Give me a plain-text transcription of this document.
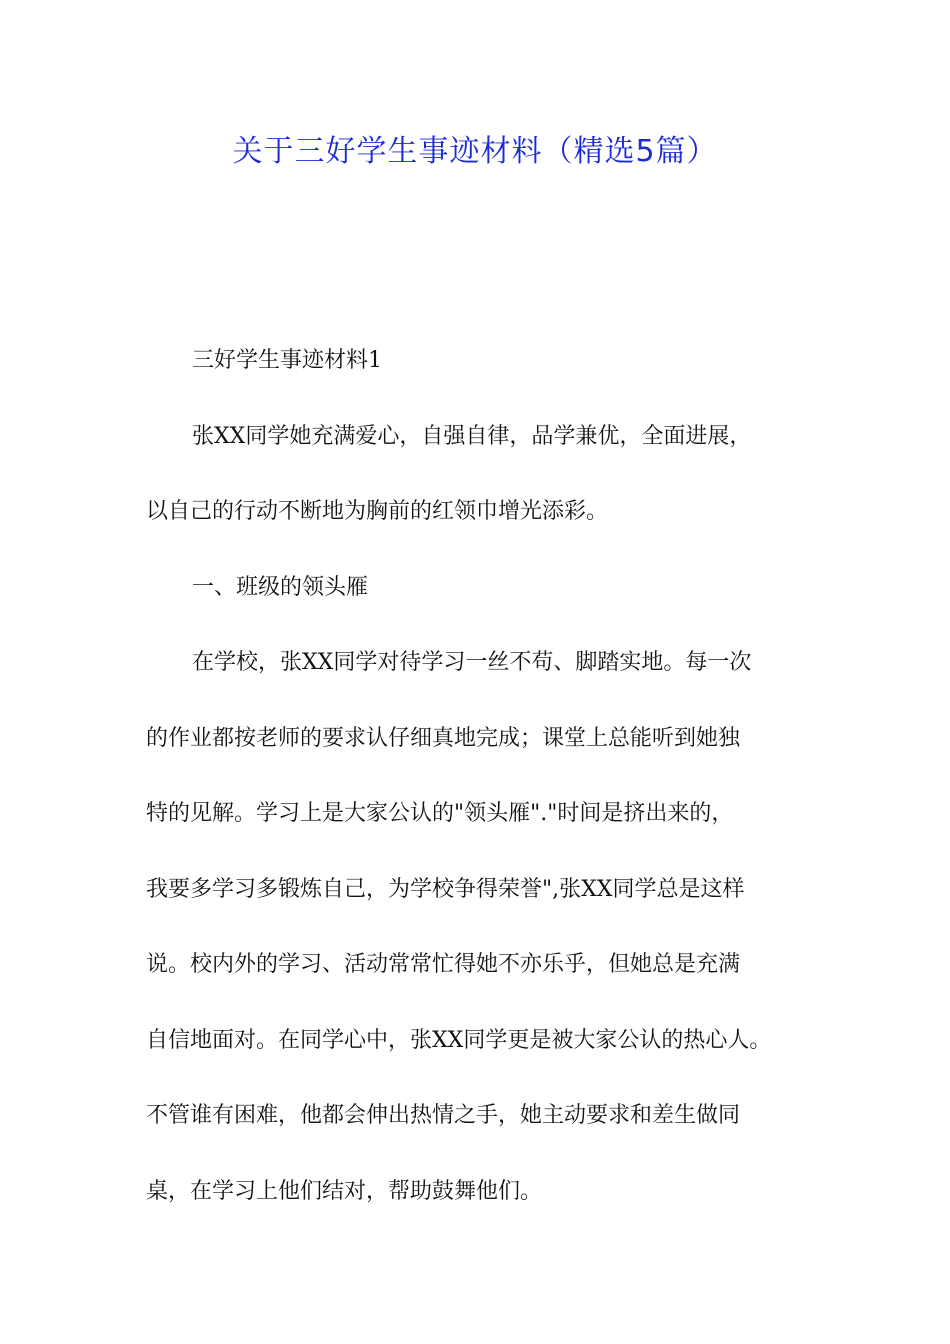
关于三好学生事迹材料（精选5篇）
三好学生事迹材料1
张XX同学她充满爱心，自强自律，品学兼优，全面进展，
以自己的行动不断地为胸前的红领巾增光添彩。
一、班级的领头雁
在学校，张XX同学对待学习一丝不苟、脚踏实地。每一次
的作业都按老师的要求认仔细真地完成；课堂上总能听到她独
特的见解。学习上是大家公认的"领头雁"."时间是挤出来的，
我要多学习多锻炼自己，为学校争得荣誉",张XX同学总是这样
说。校内外的学习、活动常常忙得她不亦乐乎，但她总是充满
自信地面对。在同学心中，张XX同学更是被大家公认的热心人。
不管谁有困难，他都会伸出热情之手，她主动要求和差生做同
桌，在学习上他们结对，帮助鼓舞他们。
